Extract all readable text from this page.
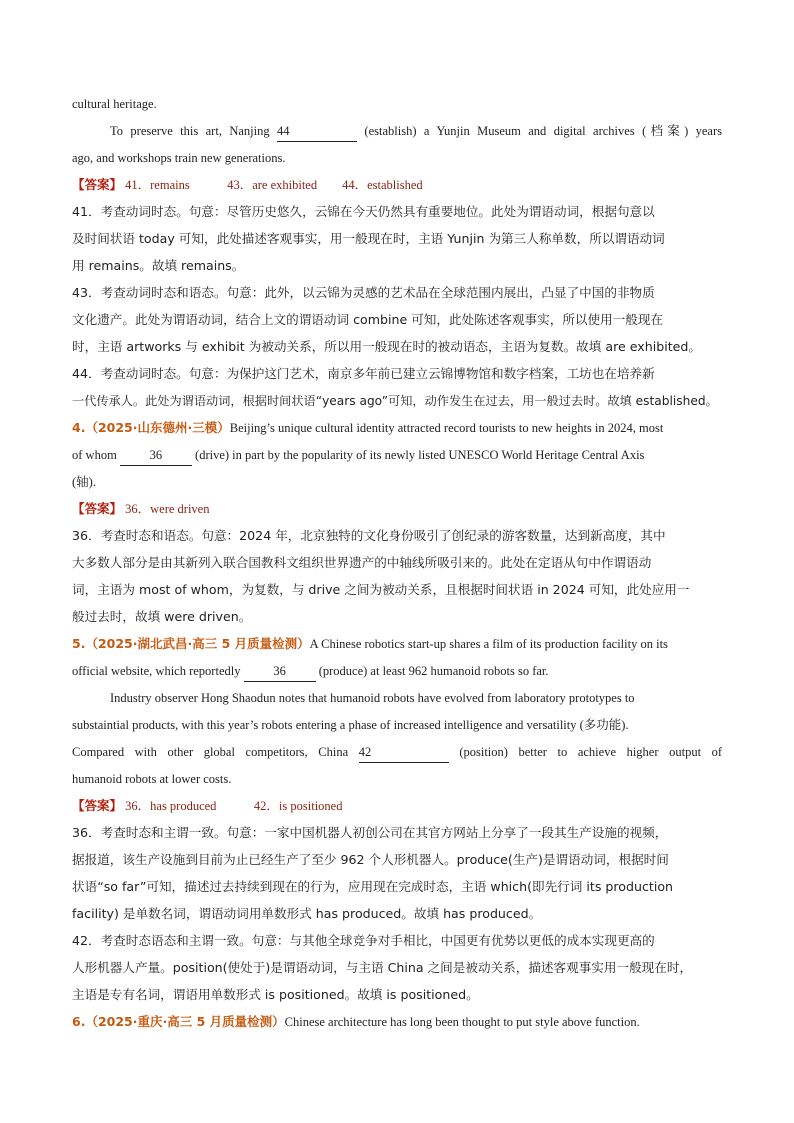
cultural heritage.
To preserve this art, Nanjing 44	(establish) a Yunjin Museum and digital archives (档案) years
ago, and workshops train new generations.
【答案】 41．remains　　　43．are exhibited　　44．established
41．考查动词时态。句意：尽管历史悠久，云锦在今天仍然具有重要地位。此处为谓语动词，根据句意以
及时间状语 today 可知，此处描述客观事实，用一般现在时，主语 Yunjin 为第三人称单数，所以谓语动词
用 remains。故填 remains。
43．考查动词时态和语态。句意：此外，以云锦为灵感的艺术品在全球范围内展出，凸显了中国的非物质
文化遗产。此处为谓语动词，结合上文的谓语动词 combine 可知，此处陈述客观事实，所以使用一般现在
时，主语 artworks 与 exhibit 为被动关系，所以用一般现在时的被动语态，主语为复数。故填 are exhibited。
44．考查动词时态。句意：为保护这门艺术，南京多年前已建立云锦博物馆和数字档案，工坊也在培养新
一代传承人。此处为谓语动词，根据时间状语“years ago”可知，动作发生在过去，用一般过去时。故填 established。
4.（2025·山东德州·三模）Beijing’s unique cultural identity attracted record tourists to new heights in 2024, most
of whom	36	(drive) in part by the popularity of its newly listed UNESCO World Heritage Central Axis
(轴).
【答案】 36．were driven
36．考查时态和语态。句意：2024 年，北京独特的文化身份吸引了创纪录的游客数量，达到新高度，其中
大多数人部分是由其新列入联合国教科文组织世界遗产的中轴线所吸引来的。此处在定语从句中作谓语动
词，主语为 most of whom，为复数，与 drive 之间为被动关系，且根据时间状语 in 2024 可知，此处应用一
般过去时，故填 were driven。
5.（2025·湖北武昌·高三 5 月质量检测）A Chinese robotics start-up shares a film of its production facility on its
official website, which reportedly	36	(produce) at least 962 humanoid robots so far.
Industry observer Hong Shaodun notes that humanoid robots have evolved from laboratory prototypes to
substaintial products, with this year’s robots entering a phase of increased intelligence and versatility (多功能).
Compared with other global competitors, China 42	(position) better to achieve higher output of
humanoid robots at lower costs.
【答案】 36．has produced　　　42．is positioned
36．考查时态和主谓一致。句意：一家中国机器人初创公司在其官方网站上分享了一段其生产设施的视频，
据报道，该生产设施到目前为止已经生产了至少 962 个人形机器人。produce(生产)是谓语动词，根据时间
状语“so far”可知，描述过去持续到现在的行为，应用现在完成时态，主语 which(即先行词 its production
facility) 是单数名词，谓语动词用单数形式 has produced。故填 has produced。
42．考查时态语态和主谓一致。句意：与其他全球竞争对手相比，中国更有优势以更低的成本实现更高的
人形机器人产量。position(使处于)是谓语动词，与主语 China 之间是被动关系，描述客观事实用一般现在时，
主语是专有名词，谓语用单数形式 is positioned。故填 is positioned。
6.（2025·重庆·高三 5 月质量检测）Chinese architecture has long been thought to put style above function.
